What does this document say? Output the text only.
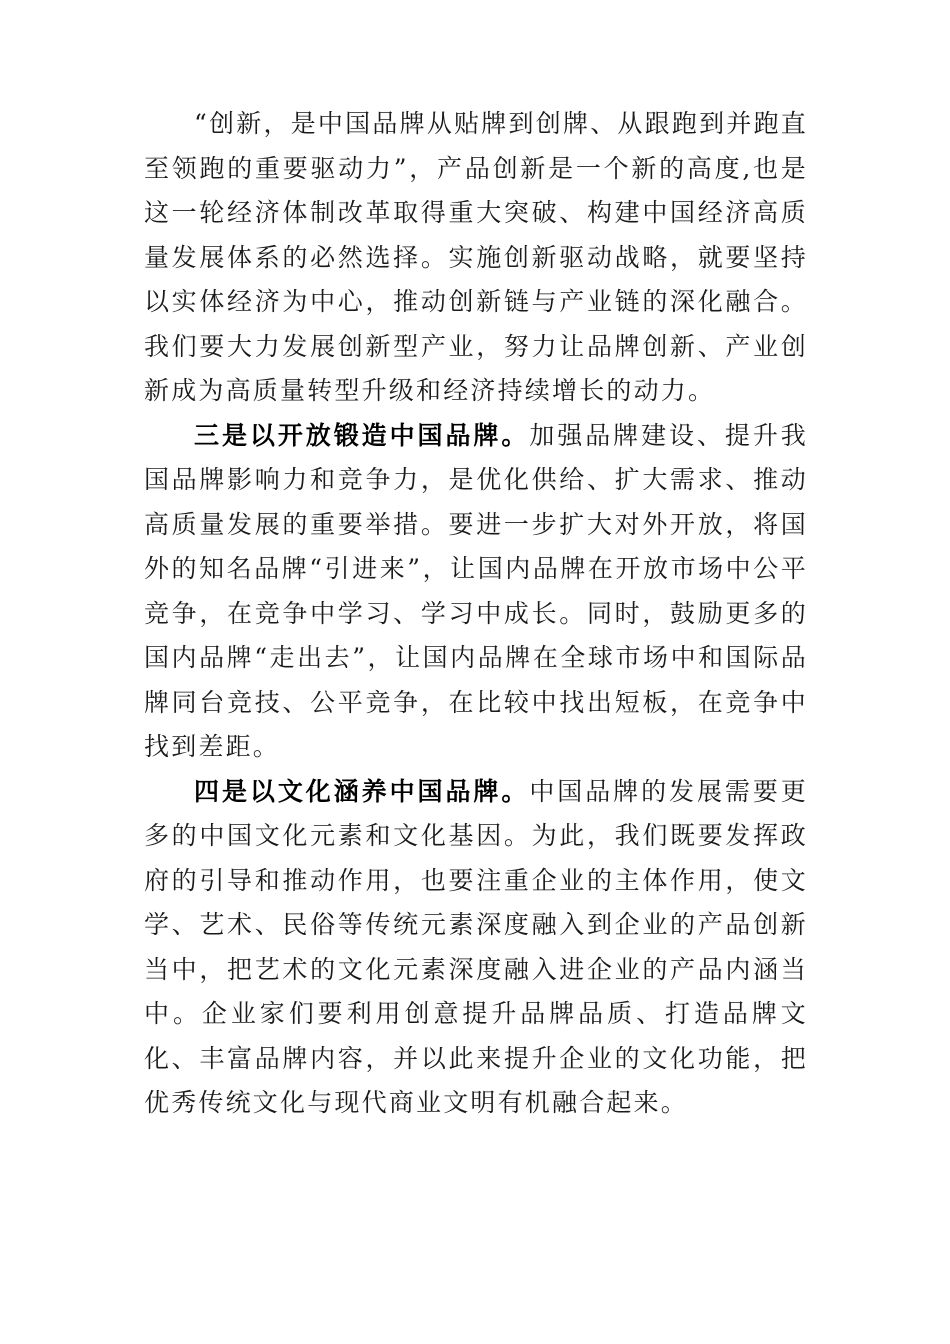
“创新，是中国品牌从贴牌到创牌、从跟跑到并跑直至领跑的重要驱动力”，产品创新是一个新的高度,也是这一轮经济体制改革取得重大突破、构建中国经济高质量发展体系的必然选择。实施创新驱动战略，就要坚持以实体经济为中心，推动创新链与产业链的深化融合。我们要大力发展创新型产业，努力让品牌创新、产业创新成为高质量转型升级和经济持续增长的动力。

三是以开放锻造中国品牌。加强品牌建设、提升我国品牌影响力和竞争力，是优化供给、扩大需求、推动高质量发展的重要举措。要进一步扩大对外开放，将国外的知名品牌“引进来”，让国内品牌在开放市场中公平竞争，在竞争中学习、学习中成长。同时，鼓励更多的国内品牌“走出去”，让国内品牌在全球市场中和国际品牌同台竞技、公平竞争，在比较中找出短板，在竞争中找到差距。

四是以文化涵养中国品牌。中国品牌的发展需要更多的中国文化元素和文化基因。为此，我们既要发挥政府的引导和推动作用，也要注重企业的主体作用，使文学、艺术、民俗等传统元素深度融入到企业的产品创新当中，把艺术的文化元素深度融入进企业的产品内涵当中。企业家们要利用创意提升品牌品质、打造品牌文化、丰富品牌内容，并以此来提升企业的文化功能，把优秀传统文化与现代商业文明有机融合起来。
